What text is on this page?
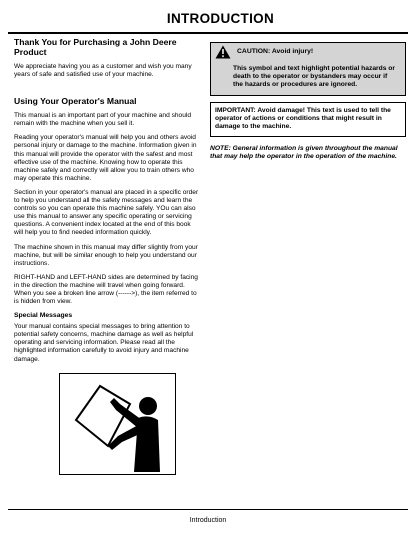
INTRODUCTION
Thank You for Purchasing a John Deere Product

We appreciate having you as a customer and wish you many years of safe and satisfied use of your machine.

Using Your Operator's Manual

This manual is an important part of your machine and should remain with the machine when you sell it.

Reading your operator's manual will help you and others avoid personal injury or damage to the machine. Information given in this manual will provide the operator with the safest and most effective use of the machine. Knowing how to operate this machine safely and correctly will allow you to train others who may operate this machine.

Section in your operator's manual are placed in a specific order to help you understand all the safety messages and learn the controls so you can operate this machine safely. YOu can also use this manual to answer any specific operating or servicing questions. A convenient index located at the end of this book will help you to find needed information quickly.

The machine shown in this manual may differ slightly from your machine, but will be similar enough to help you understand our instructions.

RIGHT-HAND and LEFT-HAND sides are determined by facing in the direction the machine will travel when going forward. When you see a broken line arrow (------>), the item referred to is hidden from view.

Special Messages

Your manual contains special messages to bring attention to potential safety concerns, machine damage as well as helpful operating and servicing information. Please read all the highlighted information carefully to avoid injury and machine damage.

CAUTION: Avoid injury!
This symbol and text highlight potential hazards or death to the operator or bystanders may occur if the hazards or procedures are ignored.
IMPORTANT: Avoid damage! This text is used to tell the operator of actions or conditions that might result in damage to the machine.
NOTE: General information is given throughout the manual that may help the operator in the operation of the machine.
Introduction
